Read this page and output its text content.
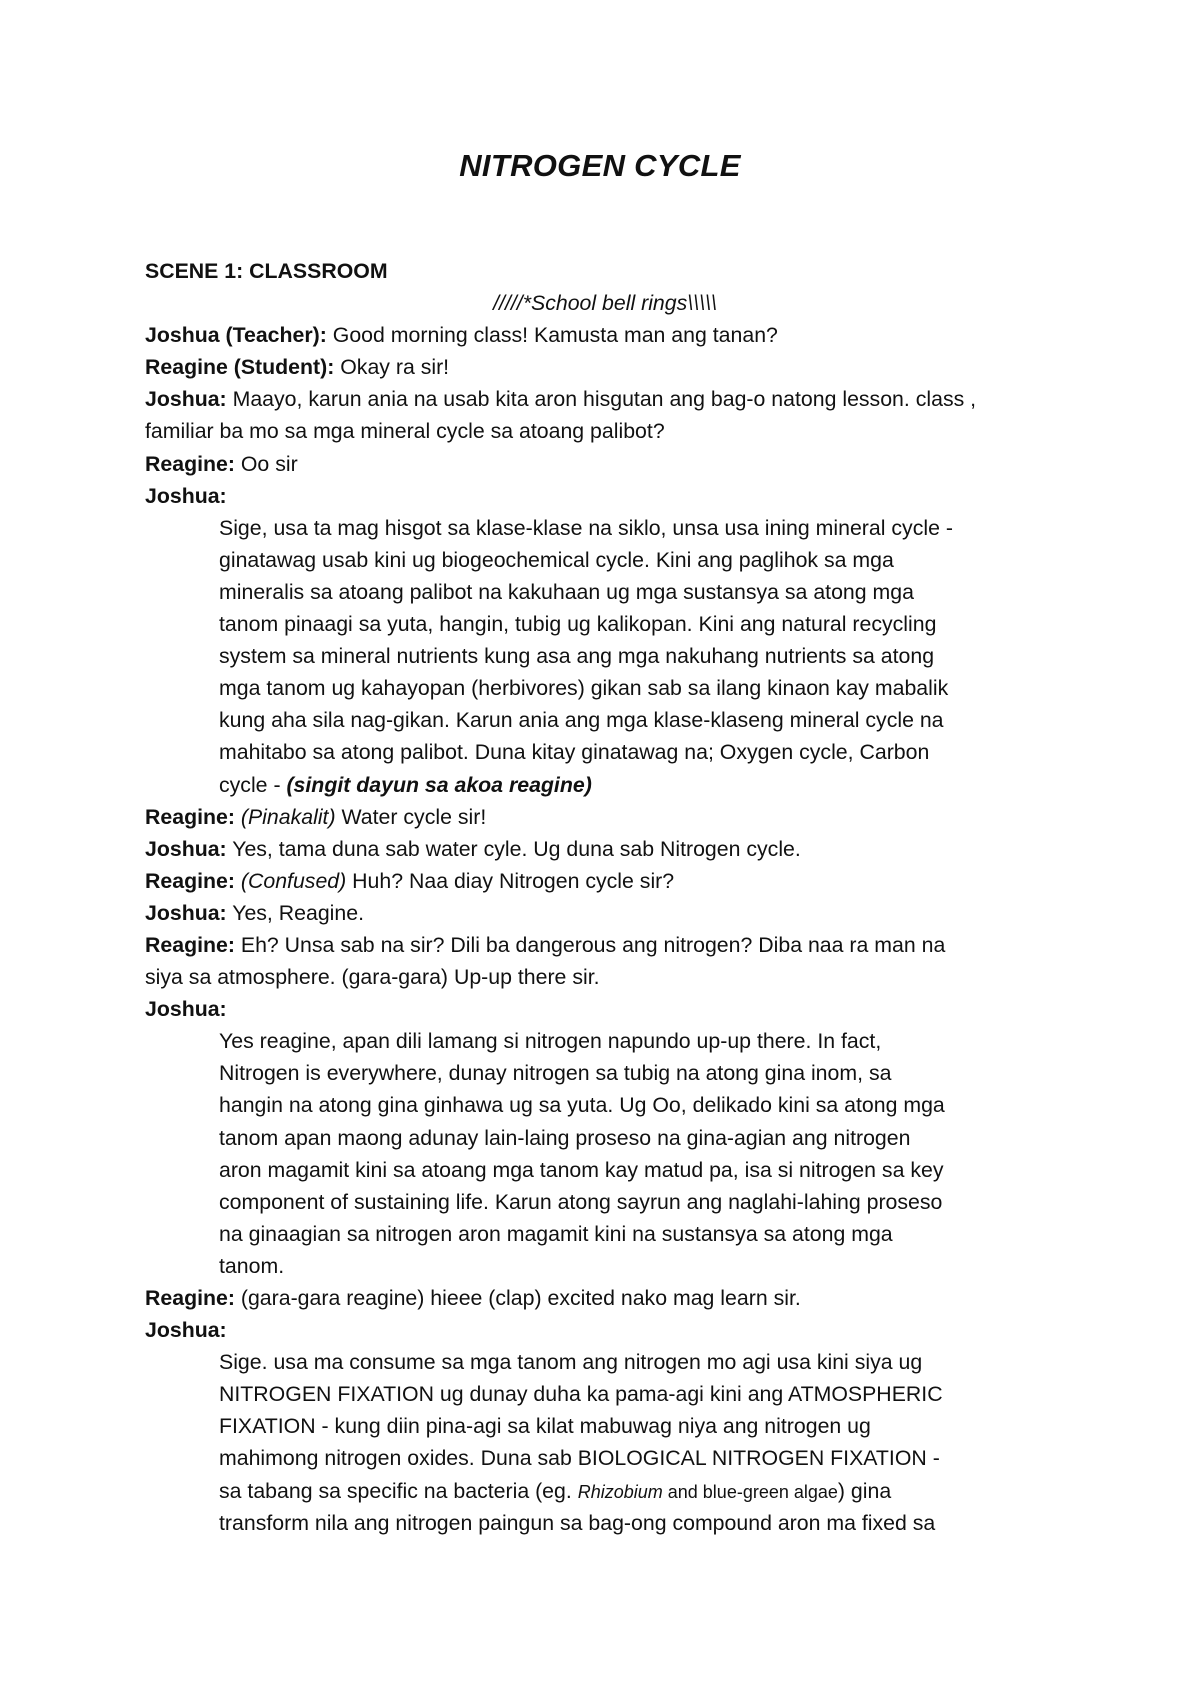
NITROGEN CYCLE
SCENE 1: CLASSROOM
/////*School bell rings\\\\\
Joshua (Teacher): Good morning class! Kamusta man ang tanan?
Reagine (Student): Okay ra sir!
Joshua: Maayo, karun ania na usab kita aron hisgutan ang bag-o natong lesson. class ,
familiar ba mo sa mga mineral cycle sa atoang palibot?
Reagine: Oo sir
Joshua:
Sige, usa ta mag hisgot sa klase-klase na siklo, unsa usa ining mineral cycle -
ginatawag usab kini ug biogeochemical cycle. Kini ang paglihok sa mga
mineralis sa atoang palibot na kakuhaan ug mga sustansya sa atong mga
tanom pinaagi sa yuta, hangin, tubig ug kalikopan. Kini ang natural recycling
system sa mineral nutrients kung asa ang mga nakuhang nutrients sa atong
mga tanom ug kahayopan (herbivores) gikan sab sa ilang kinaon kay mabalik
kung aha sila nag-gikan. Karun ania ang mga klase-klaseng mineral cycle na
mahitabo sa atong palibot. Duna kitay ginatawag na; Oxygen cycle, Carbon
cycle - (singit dayun sa akoa reagine)
Reagine: (Pinakalit) Water cycle sir!
Joshua: Yes, tama duna sab water cyle. Ug duna sab Nitrogen cycle.
Reagine: (Confused) Huh? Naa diay Nitrogen cycle sir?
Joshua: Yes, Reagine.
Reagine: Eh? Unsa sab na sir? Dili ba dangerous ang nitrogen? Diba naa ra man na
siya sa atmosphere. (gara-gara) Up-up there sir.
Joshua:
Yes reagine, apan dili lamang si nitrogen napundo up-up there. In fact,
Nitrogen is everywhere, dunay nitrogen sa tubig na atong gina inom, sa
hangin na atong gina ginhawa ug sa yuta. Ug Oo, delikado kini sa atong mga
tanom apan maong adunay lain-laing proseso na gina-agian ang nitrogen
aron magamit kini sa atoang mga tanom kay matud pa, isa si nitrogen sa key
component of sustaining life. Karun atong sayrun ang naglahi-lahing proseso
na ginaagian sa nitrogen aron magamit kini na sustansya sa atong mga
tanom.
Reagine: (gara-gara reagine) hieee (clap) excited nako mag learn sir.
Joshua:
Sige. usa ma consume sa mga tanom ang nitrogen mo agi usa kini siya ug
NITROGEN FIXATION ug dunay duha ka pama-agi kini ang ATMOSPHERIC
FIXATION - kung diin pina-agi sa kilat mabuwag niya ang nitrogen ug
mahimong nitrogen oxides. Duna sab BIOLOGICAL NITROGEN FIXATION -
sa tabang sa specific na bacteria (eg. Rhizobium and blue-green algae) gina
transform nila ang nitrogen paingun sa bag-ong compound aron ma fixed sa
